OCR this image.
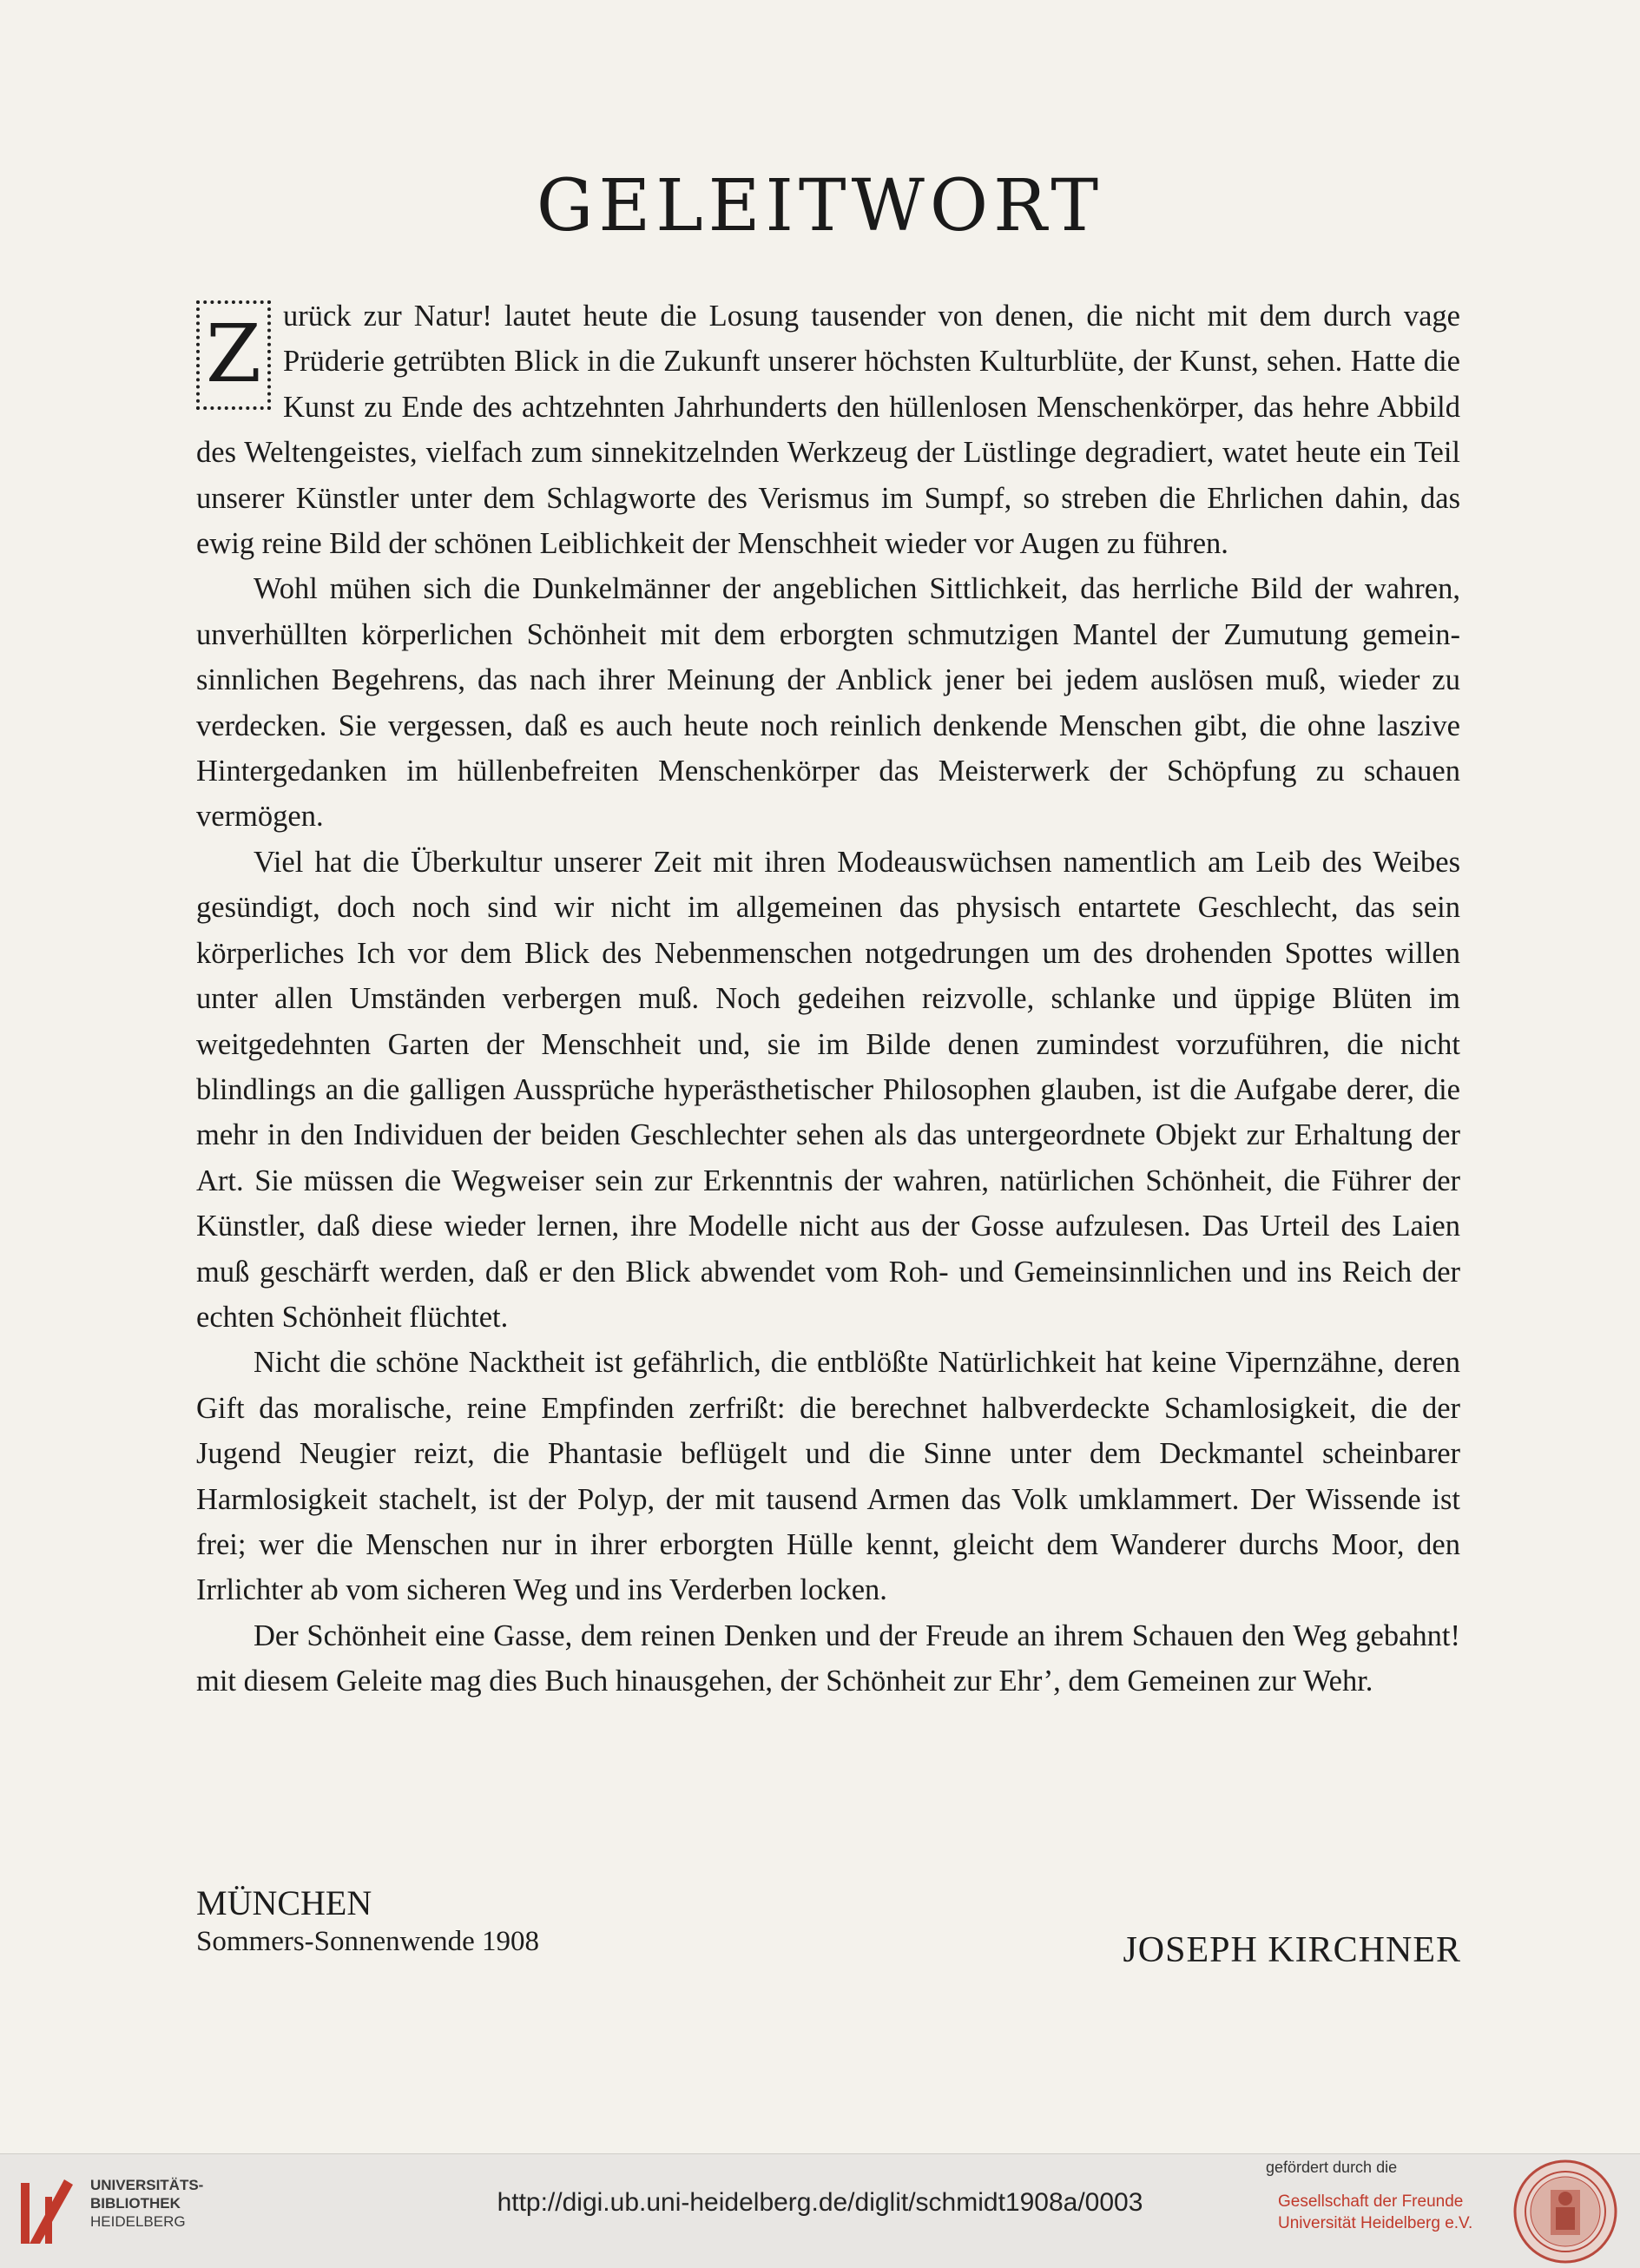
GELEITWORT

Z urück zur Natur! lautet heute die Losung tausender von denen, die nicht mit dem durch vage Prüderie getrübten Blick in die Zukunft unserer höchsten Kulturblüte, der Kunst, sehen. Hatte die Kunst zu Ende des achtzehnten Jahrhunderts den hüllenlosen Menschenkörper, das hehre Abbild des Weltengeistes, vielfach zum sinnekitzelnden Werkzeug der Lüstlinge degradiert, watet heute ein Teil unserer Künstler unter dem Schlagworte des Verismus im Sumpf, so streben die Ehrlichen dahin, das ewig reine Bild der schönen Leiblichkeit der Menschheit wieder vor Augen zu führen.

Wohl mühen sich die Dunkelmänner der angeblichen Sittlichkeit, das herrliche Bild der wahren, unverhüllten körperlichen Schönheit mit dem erborgten schmutzigen Mantel der Zumutung gemein-sinnlichen Begehrens, das nach ihrer Meinung der Anblick jener bei jedem auslösen muß, wieder zu verdecken. Sie vergessen, daß es auch heute noch reinlich denkende Menschen gibt, die ohne laszive Hintergedanken im hüllenbefreiten Menschenkörper das Meisterwerk der Schöpfung zu schauen vermögen.

Viel hat die Überkultur unserer Zeit mit ihren Modeauswüchsen namentlich am Leib des Weibes gesündigt, doch noch sind wir nicht im allgemeinen das physisch entartete Geschlecht, das sein körperliches Ich vor dem Blick des Nebenmenschen notgedrungen um des drohenden Spottes willen unter allen Umständen verbergen muß. Noch gedeihen reizvolle, schlanke und üppige Blüten im weitgedehnten Garten der Menschheit und, sie im Bilde denen zumindest vorzuführen, die nicht blindlings an die galligen Aussprüche hyperästhetischer Philosophen glauben, ist die Aufgabe derer, die mehr in den Individuen der beiden Geschlechter sehen als das untergeordnete Objekt zur Erhaltung der Art. Sie müssen die Wegweiser sein zur Erkenntnis der wahren, natürlichen Schönheit, die Führer der Künstler, daß diese wieder lernen, ihre Modelle nicht aus der Gosse aufzulesen. Das Urteil des Laien muß geschärft werden, daß er den Blick abwendet vom Roh- und Gemeinsinnlichen und ins Reich der echten Schönheit flüchtet.

Nicht die schöne Nacktheit ist gefährlich, die entblößte Natürlichkeit hat keine Vipernzähne, deren Gift das moralische, reine Empfinden zerfrißt: die berechnet halbverdeckte Schamlosigkeit, die der Jugend Neugier reizt, die Phantasie beflügelt und die Sinne unter dem Deckmantel scheinbarer Harmlosigkeit stachelt, ist der Polyp, der mit tausend Armen das Volk umklammert. Der Wissende ist frei; wer die Menschen nur in ihrer erborgten Hülle kennt, gleicht dem Wanderer durchs Moor, den Irrlichter ab vom sicheren Weg und ins Verderben locken.

Der Schönheit eine Gasse, dem reinen Denken und der Freude an ihrem Schauen den Weg gebahnt! mit diesem Geleite mag dies Buch hinausgehen, der Schönheit zur Ehr’, dem Gemeinen zur Wehr.

MÜNCHEN
Sommers-Sonnenwende 1908	JOSEPH KIRCHNER
UNIVERSITÄTS-
BIBLIOTHEK
HEIDELBERG
http://digi.ub.uni-heidelberg.de/diglit/schmidt1908a/0003
gefördert durch die
Gesellschaft der Freunde
Universität Heidelberg e.V.
